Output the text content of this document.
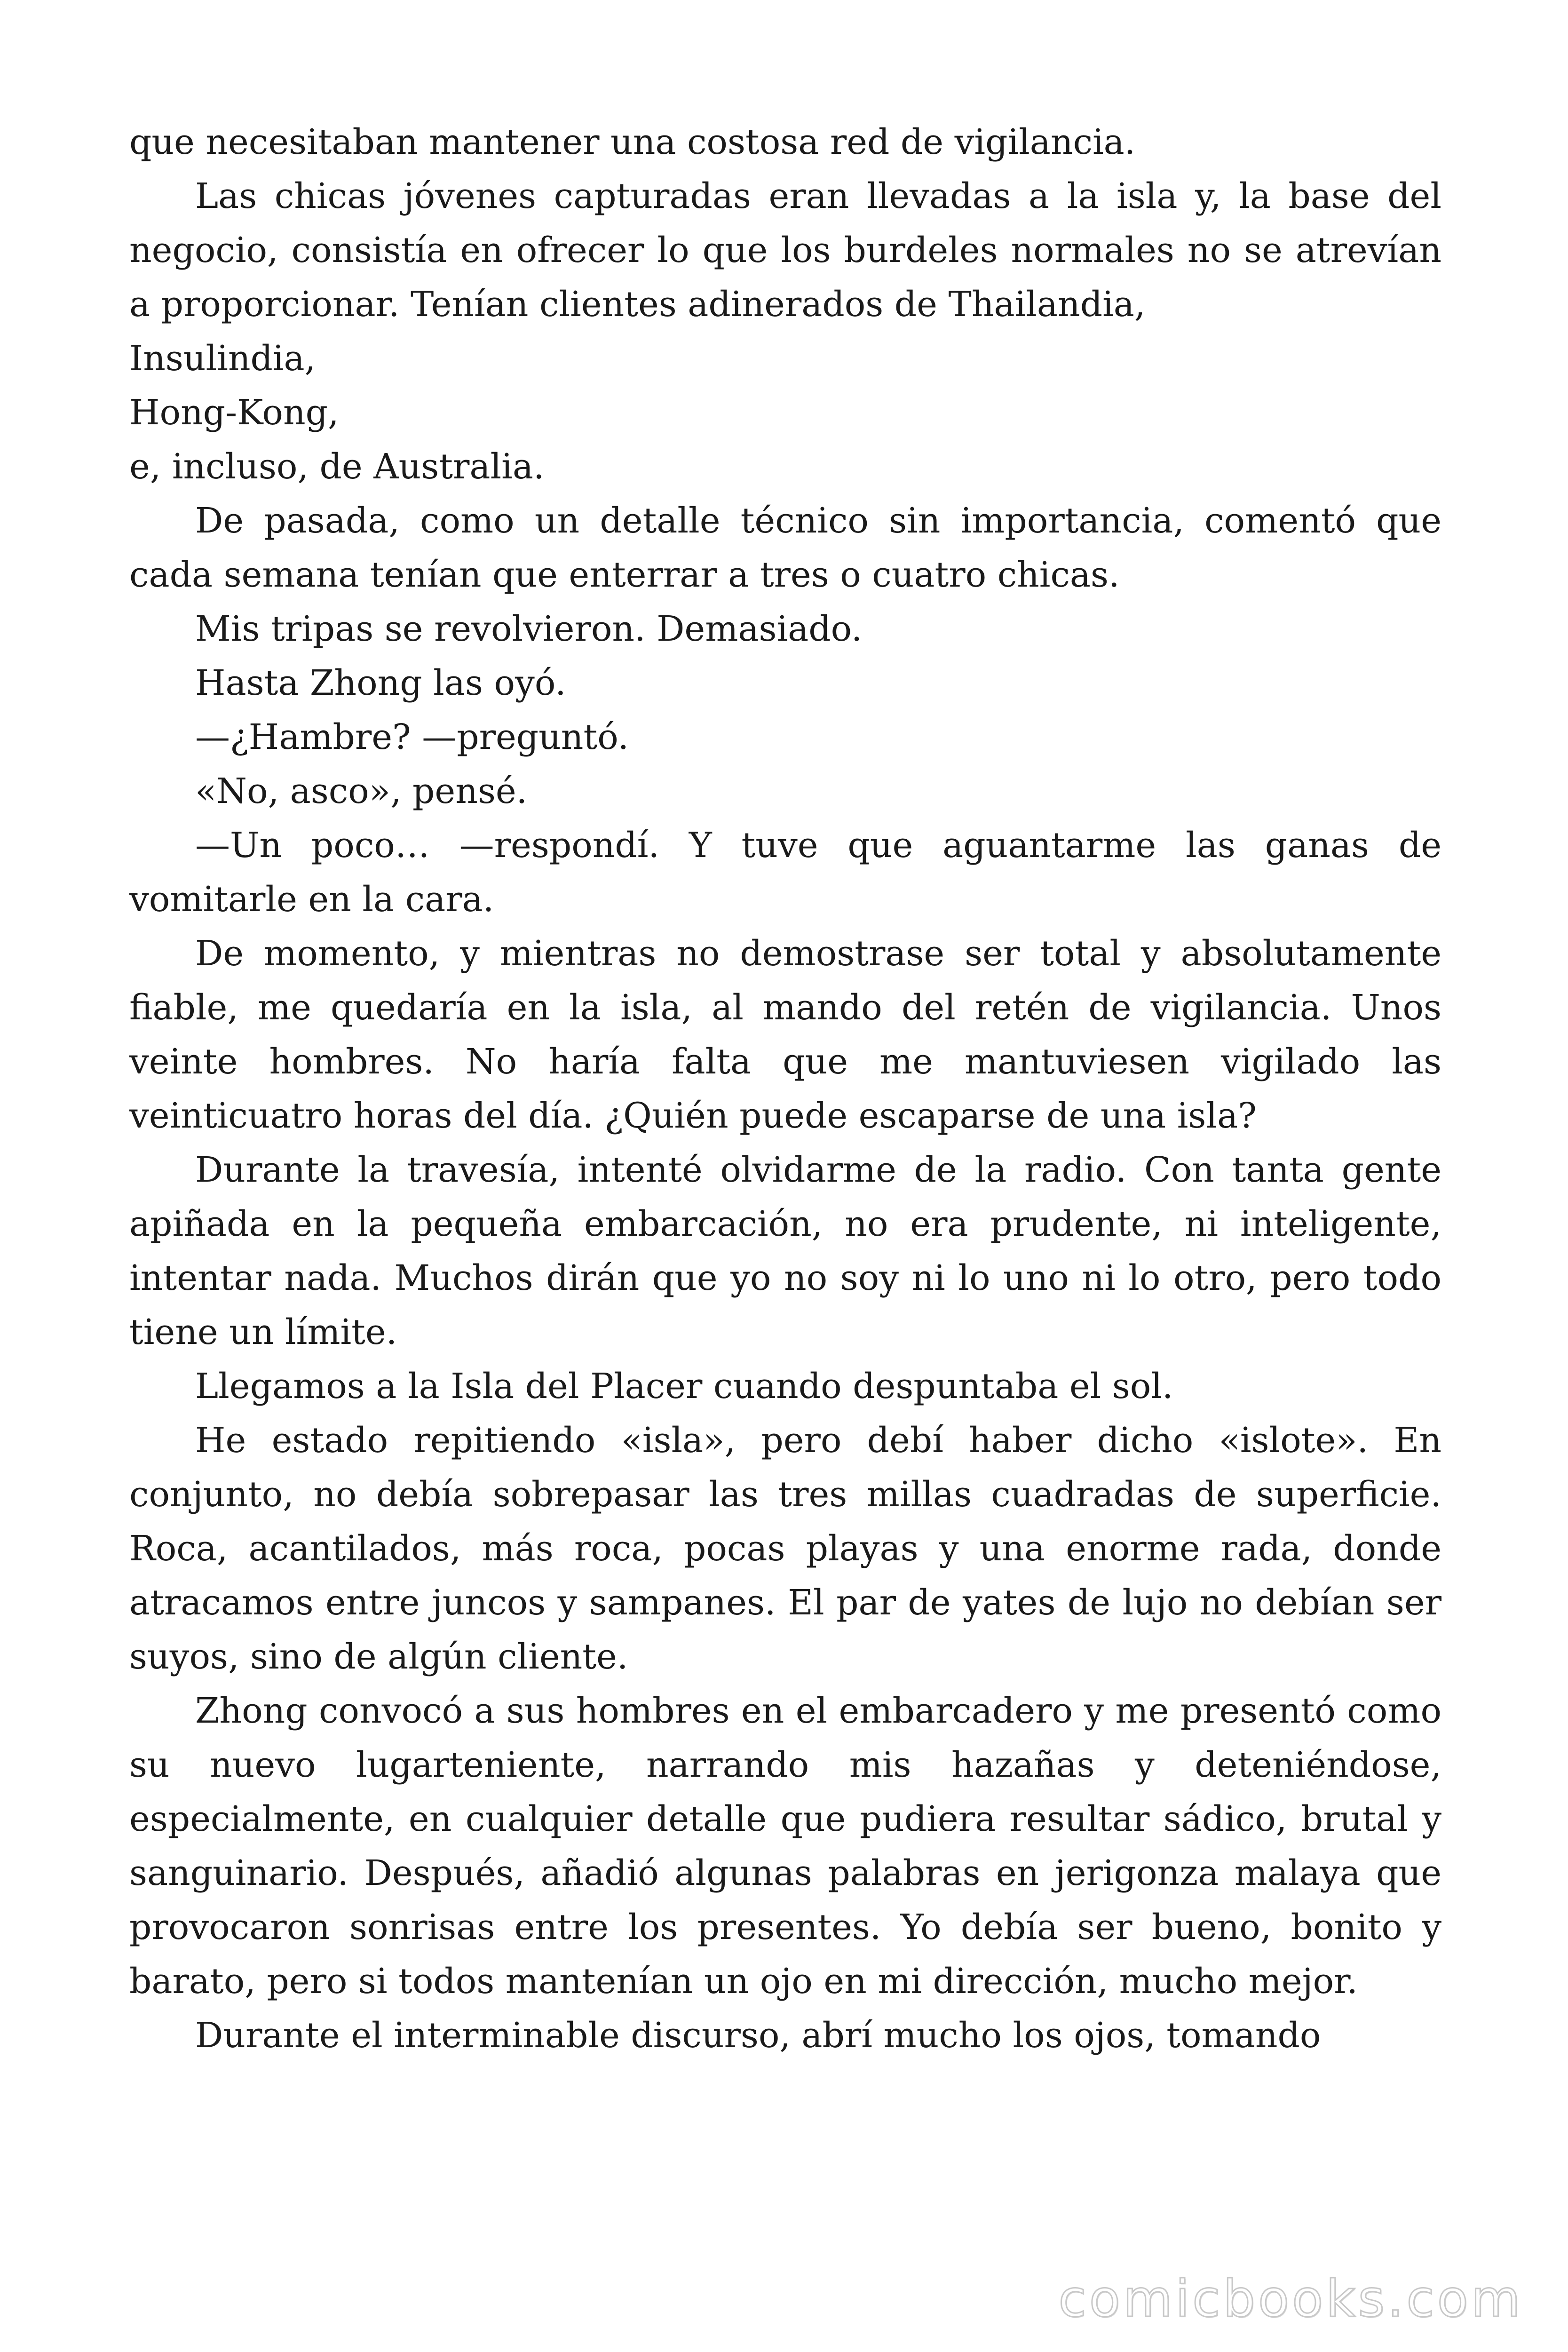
que necesitaban mantener una costosa red de vigilancia.

Las chicas jóvenes capturadas eran llevadas a la isla y, la base del negocio, consistía en ofrecer lo que los burdeles normales no se atrevían a proporcionar. Tenían clientes adinerados de Thailandia,

Insulindia,

Hong-Kong,

e, incluso, de Australia.

De pasada, como un detalle técnico sin importancia, comentó que cada semana tenían que enterrar a tres o cuatro chicas.

Mis tripas se revolvieron. Demasiado.

Hasta Zhong las oyó.

—¿Hambre? —preguntó.

«No, asco», pensé.

—Un poco… —respondí. Y tuve que aguantarme las ganas de vomitarle en la cara.

De momento, y mientras no demostrase ser total y absolutamente fiable, me quedaría en la isla, al mando del retén de vigilancia. Unos veinte hombres. No haría falta que me mantuviesen vigilado las veinticuatro horas del día. ¿Quién puede escaparse de una isla?

Durante la travesía, intenté olvidarme de la radio. Con tanta gente apiñada en la pequeña embarcación, no era prudente, ni inteligente, intentar nada. Muchos dirán que yo no soy ni lo uno ni lo otro, pero todo tiene un límite.

Llegamos a la Isla del Placer cuando despuntaba el sol.

He estado repitiendo «isla», pero debí haber dicho «islote». En conjunto, no debía sobrepasar las tres millas cuadradas de superficie. Roca, acantilados, más roca, pocas playas y una enorme rada, donde atracamos entre juncos y sampanes. El par de yates de lujo no debían ser suyos, sino de algún cliente.

Zhong convocó a sus hombres en el embarcadero y me presentó como su nuevo lugarteniente, narrando mis hazañas y deteniéndose, especialmente, en cualquier detalle que pudiera resultar sádico, brutal y sanguinario. Después, añadió algunas palabras en jerigonza malaya que provocaron sonrisas entre los presentes. Yo debía ser bueno, bonito y barato, pero si todos mantenían un ojo en mi dirección, mucho mejor.

Durante el interminable discurso, abrí mucho los ojos, tomando

comicbooks.com
